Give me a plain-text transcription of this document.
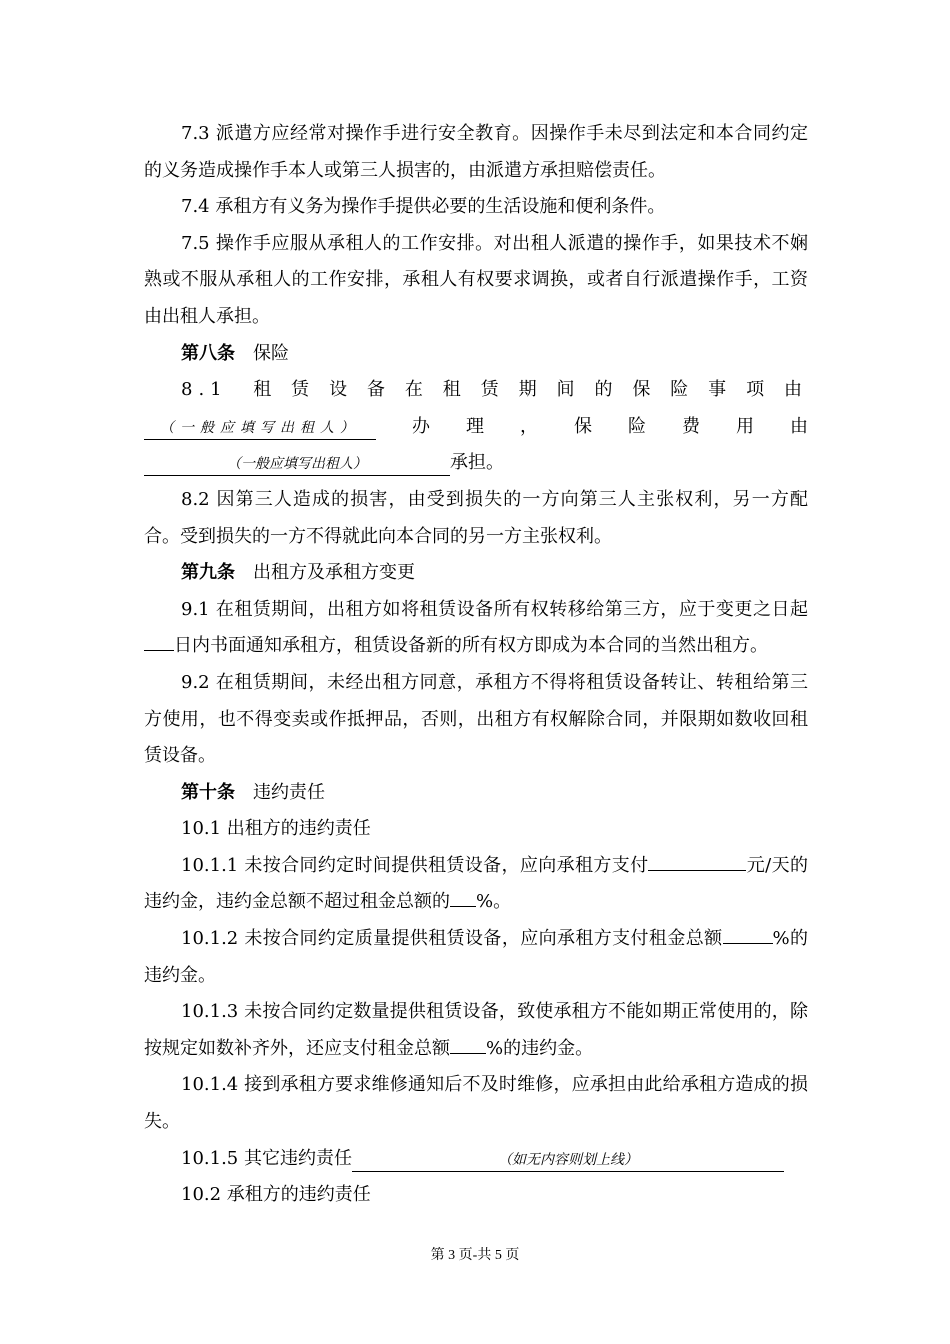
7.3 派遣方应经常对操作手进行安全教育。因操作手未尽到法定和本合同约定的义务造成操作手本人或第三人损害的，由派遣方承担赔偿责任。

7.4 承租方有义务为操作手提供必要的生活设施和便利条件。

7.5 操作手应服从承租人的工作安排。对出租人派遣的操作手，如果技术不娴熟或不服从承租人的工作安排，承租人有权要求调换，或者自行派遣操作手，工资由出租人承担。

第八条 保险

8.1 租赁设备在租赁期间的保险事项由（一般应填写出租人） 办理，保险费用由（一般应填写出租人）	承担。

8.2 因第三人造成的损害，由受到损失的一方向第三人主张权利，另一方配合。受到损失的一方不得就此向本合同的另一方主张权利。

第九条 出租方及承租方变更

9.1 在租赁期间，出租方如将租赁设备所有权转移给第三方，应于变更之日起日内书面通知承租方，租赁设备新的所有权方即成为本合同的当然出租方。

9.2 在租赁期间，未经出租方同意，承租方不得将租赁设备转让、转租给第三方使用，也不得变卖或作抵押品，否则，出租方有权解除合同，并限期如数收回租赁设备。

第十条 违约责任

10.1 出租方的违约责任

10.1.1 未按合同约定时间提供租赁设备，应向承租方支付	元/天的违约金，违约金总额不超过租金总额的 %。

10.1.2 未按合同约定质量提供租赁设备，应向承租方支付租金总额	%的违约金。

10.1.3 未按合同约定数量提供租赁设备，致使承租方不能如期正常使用的，除按规定如数补齐外，还应支付租金总额 %的违约金。

10.1.4 接到承租方要求维修通知后不及时维修，应承担由此给承租方造成的损失。

10.1.5 其它违约责任	（如无内容则划上线）

10.2 承租方的违约责任

第 3 页-共 5 页
